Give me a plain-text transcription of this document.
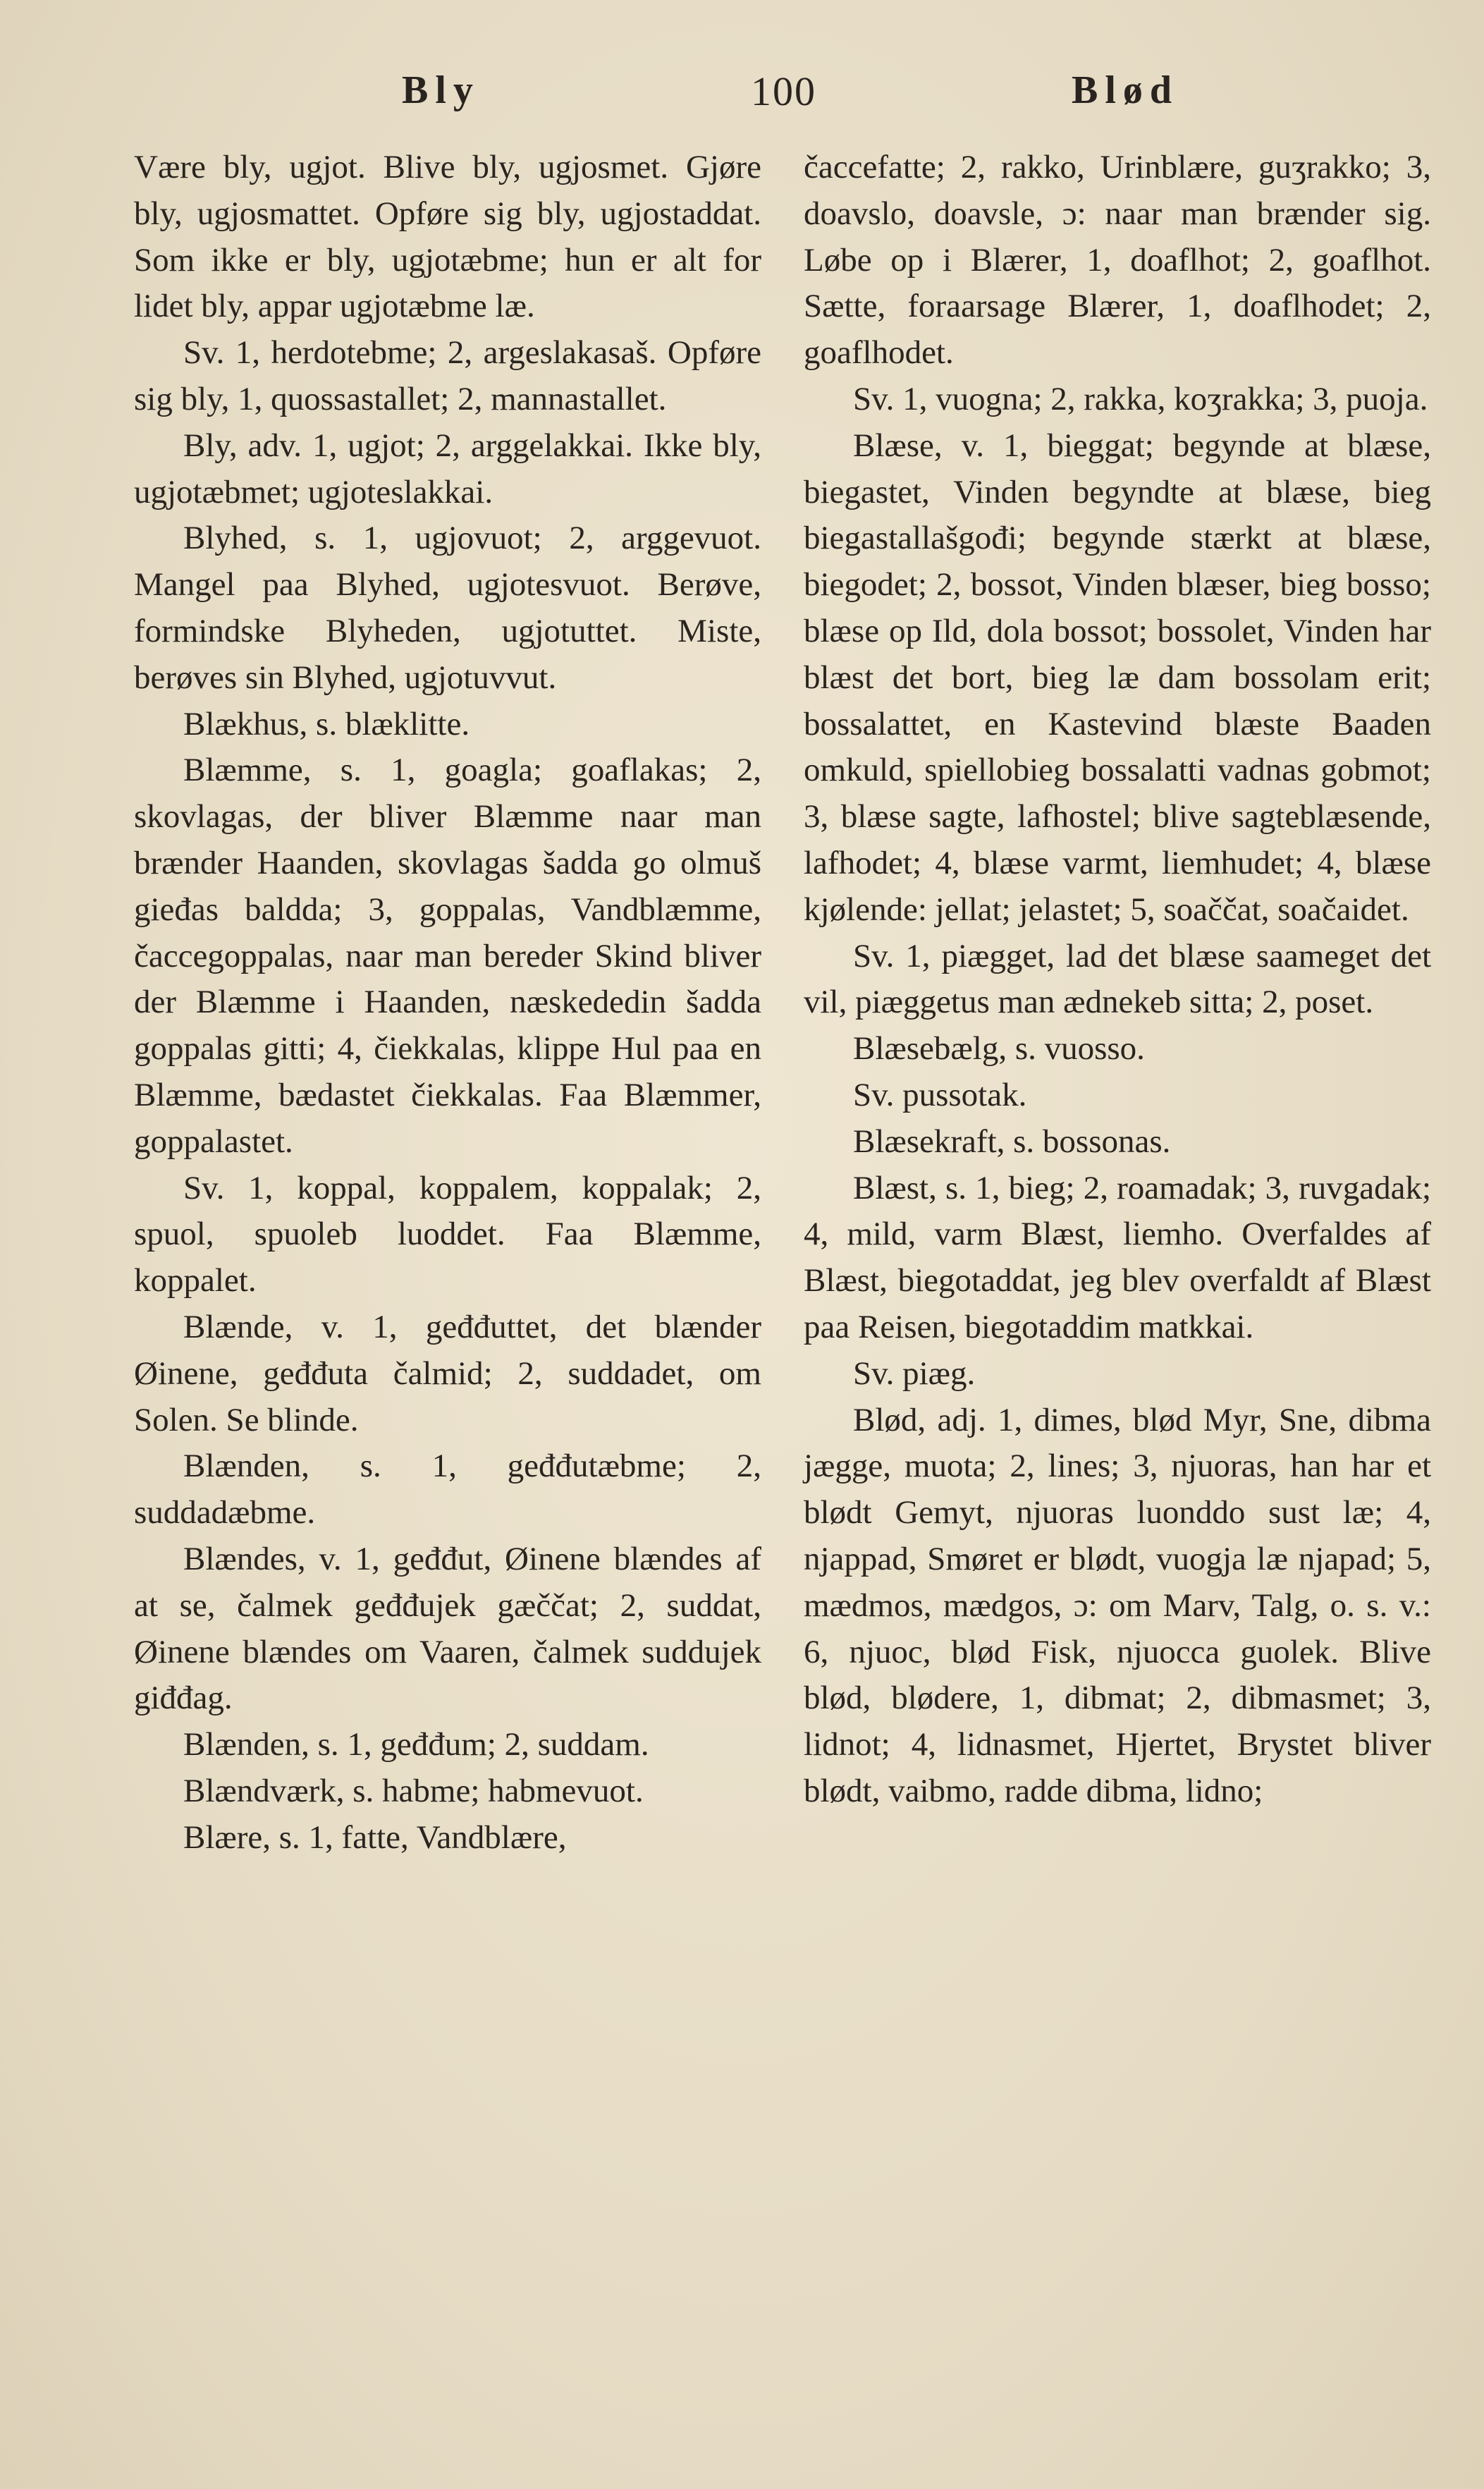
Bly	100	Blød

Være bly, ugjot. Blive bly, ugjosmet. Gjøre bly, ugjosmattet. Opføre sig bly, ugjostaddat. Som ikke er bly, ugjotæbme; hun er alt for lidet bly, appar ugjotæbme læ.

Sv. 1, herdotebme; 2, argeslakasaš. Opføre sig bly, 1, quossastallet; 2, mannastallet.

Bly, adv. 1, ugjot; 2, arggelakkai. Ikke bly, ugjotæbmet; ugjoteslakkai.

Blyhed, s. 1, ugjovuot; 2, arggevuot. Mangel paa Blyhed, ugjotesvuot. Berøve, formindske Blyheden, ugjotuttet. Miste, berøves sin Blyhed, ugjotuvvut.

Blækhus, s. blæklitte.

Blæmme, s. 1, goagla; goaflakas; 2, skovlagas, der bliver Blæmme naar man brænder Haanden, skovlagas šadda go olmuš gieđas baldda; 3, goppalas, Vandblæmme, čaccegoppalas, naar man bereder Skind bliver der Blæmme i Haanden, næskededin šadda goppalas gitti; 4, čiekkalas, klippe Hul paa en Blæmme, bædastet čiekkalas. Faa Blæmmer, goppalastet.

Sv. 1, koppal, koppalem, koppalak; 2, spuol, spuoleb luoddet. Faa Blæmme, koppalet.

Blænde, v. 1, geđđuttet, det blænder Øinene, geđđuta čalmid; 2, suddadet, om Solen. Se blinde.

Blænden, s. 1, geđđutæbme; 2, suddadæbme.

Blændes, v. 1, geđđut, Øinene blændes af at se, čalmek geđđujek gæččat; 2, suddat, Øinene blændes om Vaaren, čalmek suddujek giđđag.

Blænden, s. 1, geđđum; 2, suddam.

Blændværk, s. habme; habmevuot.

Blære, s. 1, fatte, Vandblære,

čaccefatte; 2, rakko, Urinblære, guʒrakko; 3, doavslo, doavsle, ɔ: naar man brænder sig. Løbe op i Blærer, 1, doaflhot; 2, goaflhot. Sætte, foraarsage Blærer, 1, doaflhodet; 2, goaflhodet.

Sv. 1, vuogna; 2, rakka, koʒrakka; 3, puoja.

Blæse, v. 1, bieggat; begynde at blæse, biegastet, Vinden begyndte at blæse, bieg biegastallašgođi; begynde stærkt at blæse, biegodet; 2, bossot, Vinden blæser, bieg bosso; blæse op Ild, dola bossot; bossolet, Vinden har blæst det bort, bieg læ dam bossolam erit; bossalattet, en Kastevind blæste Baaden omkuld, spiellobieg bossalatti vadnas gobmot; 3, blæse sagte, lafhostel; blive sagteblæsende, lafhodet; 4, blæse varmt, liemhudet; 4, blæse kjølende: jellat; jelastet; 5, soaččat, soačaidet.

Sv. 1, piægget, lad det blæse saameget det vil, piæggetus man ædnekeb sitta; 2, poset.

Blæsebælg, s. vuosso.

Sv. pussotak.

Blæsekraft, s. bossonas.

Blæst, s. 1, bieg; 2, roamadak; 3, ruvgadak; 4, mild, varm Blæst, liemho. Overfaldes af Blæst, biegotaddat, jeg blev overfaldt af Blæst paa Reisen, biegotaddim matkkai.

Sv. piæg.

Blød, adj. 1, dimes, blød Myr, Sne, dibma jægge, muota; 2, lines; 3, njuoras, han har et blødt Gemyt, njuoras luonddo sust læ; 4, njappad, Smøret er blødt, vuogja læ njapad; 5, mædmos, mædgos, ɔ: om Marv, Talg, o. s. v.: 6, njuoc, blød Fisk, njuocca guolek. Blive blød, blødere, 1, dibmat; 2, dibmasmet; 3, lidnot; 4, lidnasmet, Hjertet, Brystet bliver blødt, vaibmo, radde dibma, lidno;
